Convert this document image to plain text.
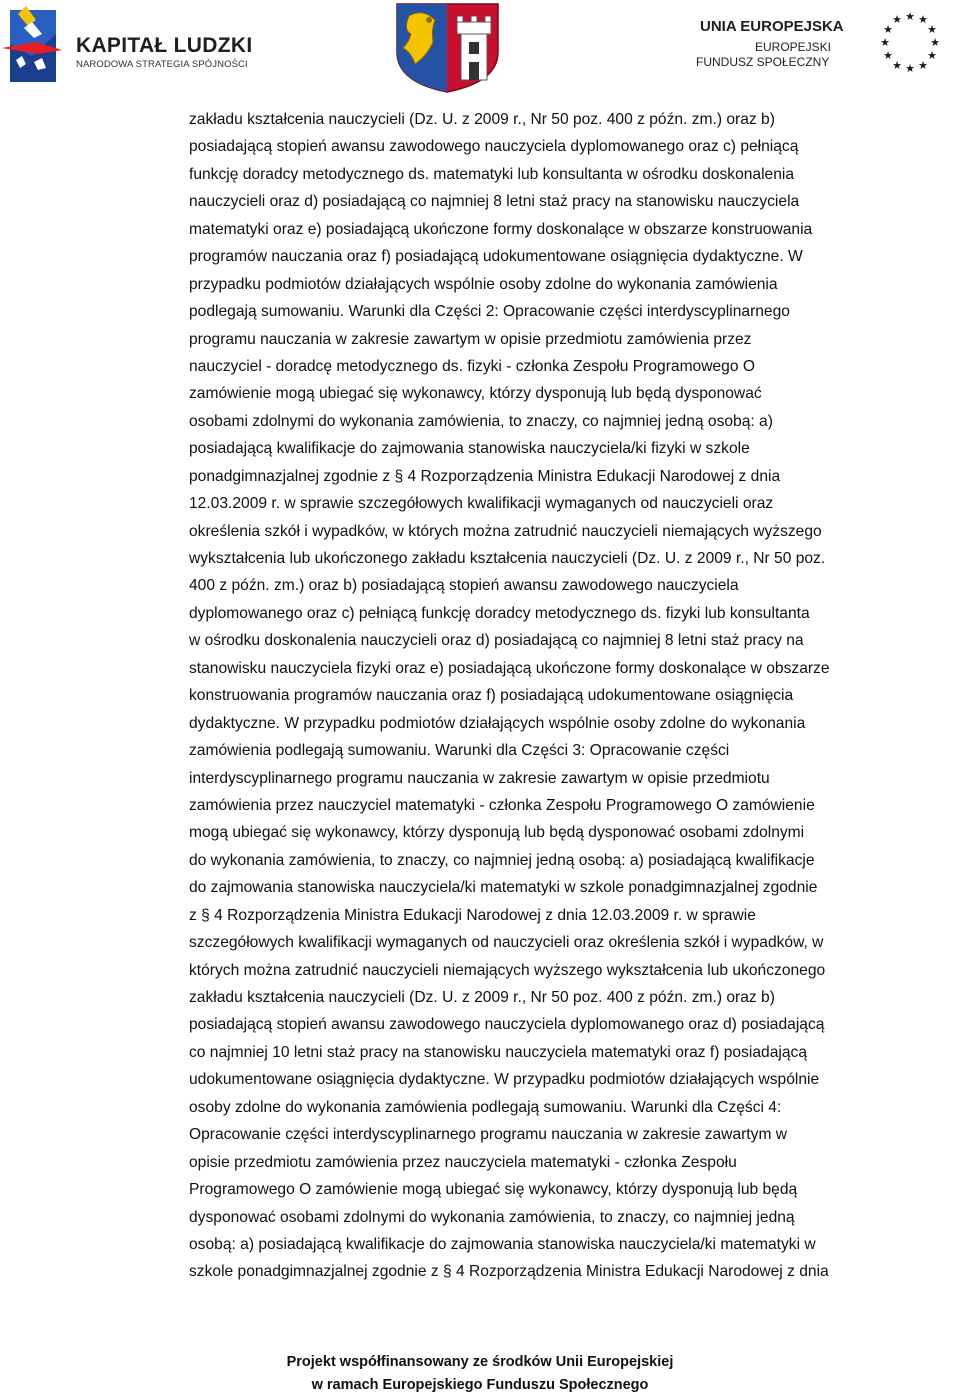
KAPITAŁ LUDZKI
NARODOWA STRATEGIA SPÓJNOŚCI
UNIA EUROPEJSKA
EUROPEJSKI
FUNDUSZ SPOŁECZNY
★ ★
★
★
★
★
★
★
★
★
★
★
zakładu kształcenia nauczycieli (Dz. U. z 2009 r., Nr 50 poz. 400 z późn. zm.) oraz b)
posiadającą stopień awansu zawodowego nauczyciela dyplomowanego oraz c) pełniącą
funkcję doradcy metodycznego ds. matematyki lub konsultanta w ośrodku doskonalenia
nauczycieli oraz d) posiadającą co najmniej 8 letni staż pracy na stanowisku nauczyciela
matematyki oraz e) posiadającą ukończone formy doskonalące w obszarze konstruowania
programów nauczania oraz f) posiadającą udokumentowane osiągnięcia dydaktyczne. W
przypadku podmiotów działających wspólnie osoby zdolne do wykonania zamówienia
podlegają sumowaniu. Warunki dla Części 2: Opracowanie części interdyscyplinarnego
programu nauczania w zakresie zawartym w opisie przedmiotu zamówienia przez
nauczyciel - doradcę metodycznego ds. fizyki - członka Zespołu Programowego O
zamówienie mogą ubiegać się wykonawcy, którzy dysponują lub będą dysponować
osobami zdolnymi do wykonania zamówienia, to znaczy, co najmniej jedną osobą: a)
posiadającą kwalifikacje do zajmowania stanowiska nauczyciela/ki fizyki w szkole
ponadgimnazjalnej zgodnie z § 4 Rozporządzenia Ministra Edukacji Narodowej z dnia
12.03.2009 r. w sprawie szczegółowych kwalifikacji wymaganych od nauczycieli oraz
określenia szkół i wypadków, w których można zatrudnić nauczycieli niemających wyższego
wykształcenia lub ukończonego zakładu kształcenia nauczycieli (Dz. U. z 2009 r., Nr 50 poz.
400 z późn. zm.) oraz b) posiadającą stopień awansu zawodowego nauczyciela
dyplomowanego oraz c) pełniącą funkcję doradcy metodycznego ds. fizyki lub konsultanta
w ośrodku doskonalenia nauczycieli oraz d) posiadającą co najmniej 8 letni staż pracy na
stanowisku nauczyciela fizyki oraz e) posiadającą ukończone formy doskonalące w obszarze
konstruowania programów nauczania oraz f) posiadającą udokumentowane osiągnięcia
dydaktyczne. W przypadku podmiotów działających wspólnie osoby zdolne do wykonania
zamówienia podlegają sumowaniu. Warunki dla Części 3: Opracowanie części
interdyscyplinarnego programu nauczania w zakresie zawartym w opisie przedmiotu
zamówienia przez nauczyciel matematyki - członka Zespołu Programowego O zamówienie
mogą ubiegać się wykonawcy, którzy dysponują lub będą dysponować osobami zdolnymi
do wykonania zamówienia, to znaczy, co najmniej jedną osobą: a) posiadającą kwalifikacje
do zajmowania stanowiska nauczyciela/ki matematyki w szkole ponadgimnazjalnej zgodnie
z § 4 Rozporządzenia Ministra Edukacji Narodowej z dnia 12.03.2009 r. w sprawie
szczegółowych kwalifikacji wymaganych od nauczycieli oraz określenia szkół i wypadków, w
których można zatrudnić nauczycieli niemających wyższego wykształcenia lub ukończonego
zakładu kształcenia nauczycieli (Dz. U. z 2009 r., Nr 50 poz. 400 z późn. zm.) oraz b)
posiadającą stopień awansu zawodowego nauczyciela dyplomowanego oraz d) posiadającą
co najmniej 10 letni staż pracy na stanowisku nauczyciela matematyki oraz f) posiadającą
udokumentowane osiągnięcia dydaktyczne. W przypadku podmiotów działających wspólnie
osoby zdolne do wykonania zamówienia podlegają sumowaniu. Warunki dla Części 4:
Opracowanie części interdyscyplinarnego programu nauczania w zakresie zawartym w
opisie przedmiotu zamówienia przez nauczyciela matematyki - członka Zespołu
Programowego O zamówienie mogą ubiegać się wykonawcy, którzy dysponują lub będą
dysponować osobami zdolnymi do wykonania zamówienia, to znaczy, co najmniej jedną
osobą: a) posiadającą kwalifikacje do zajmowania stanowiska nauczyciela/ki matematyki w
szkole ponadgimnazjalnej zgodnie z § 4 Rozporządzenia Ministra Edukacji Narodowej z dnia
Projekt współfinansowany ze środków Unii Europejskiej
w ramach Europejskiego Funduszu Społecznego
